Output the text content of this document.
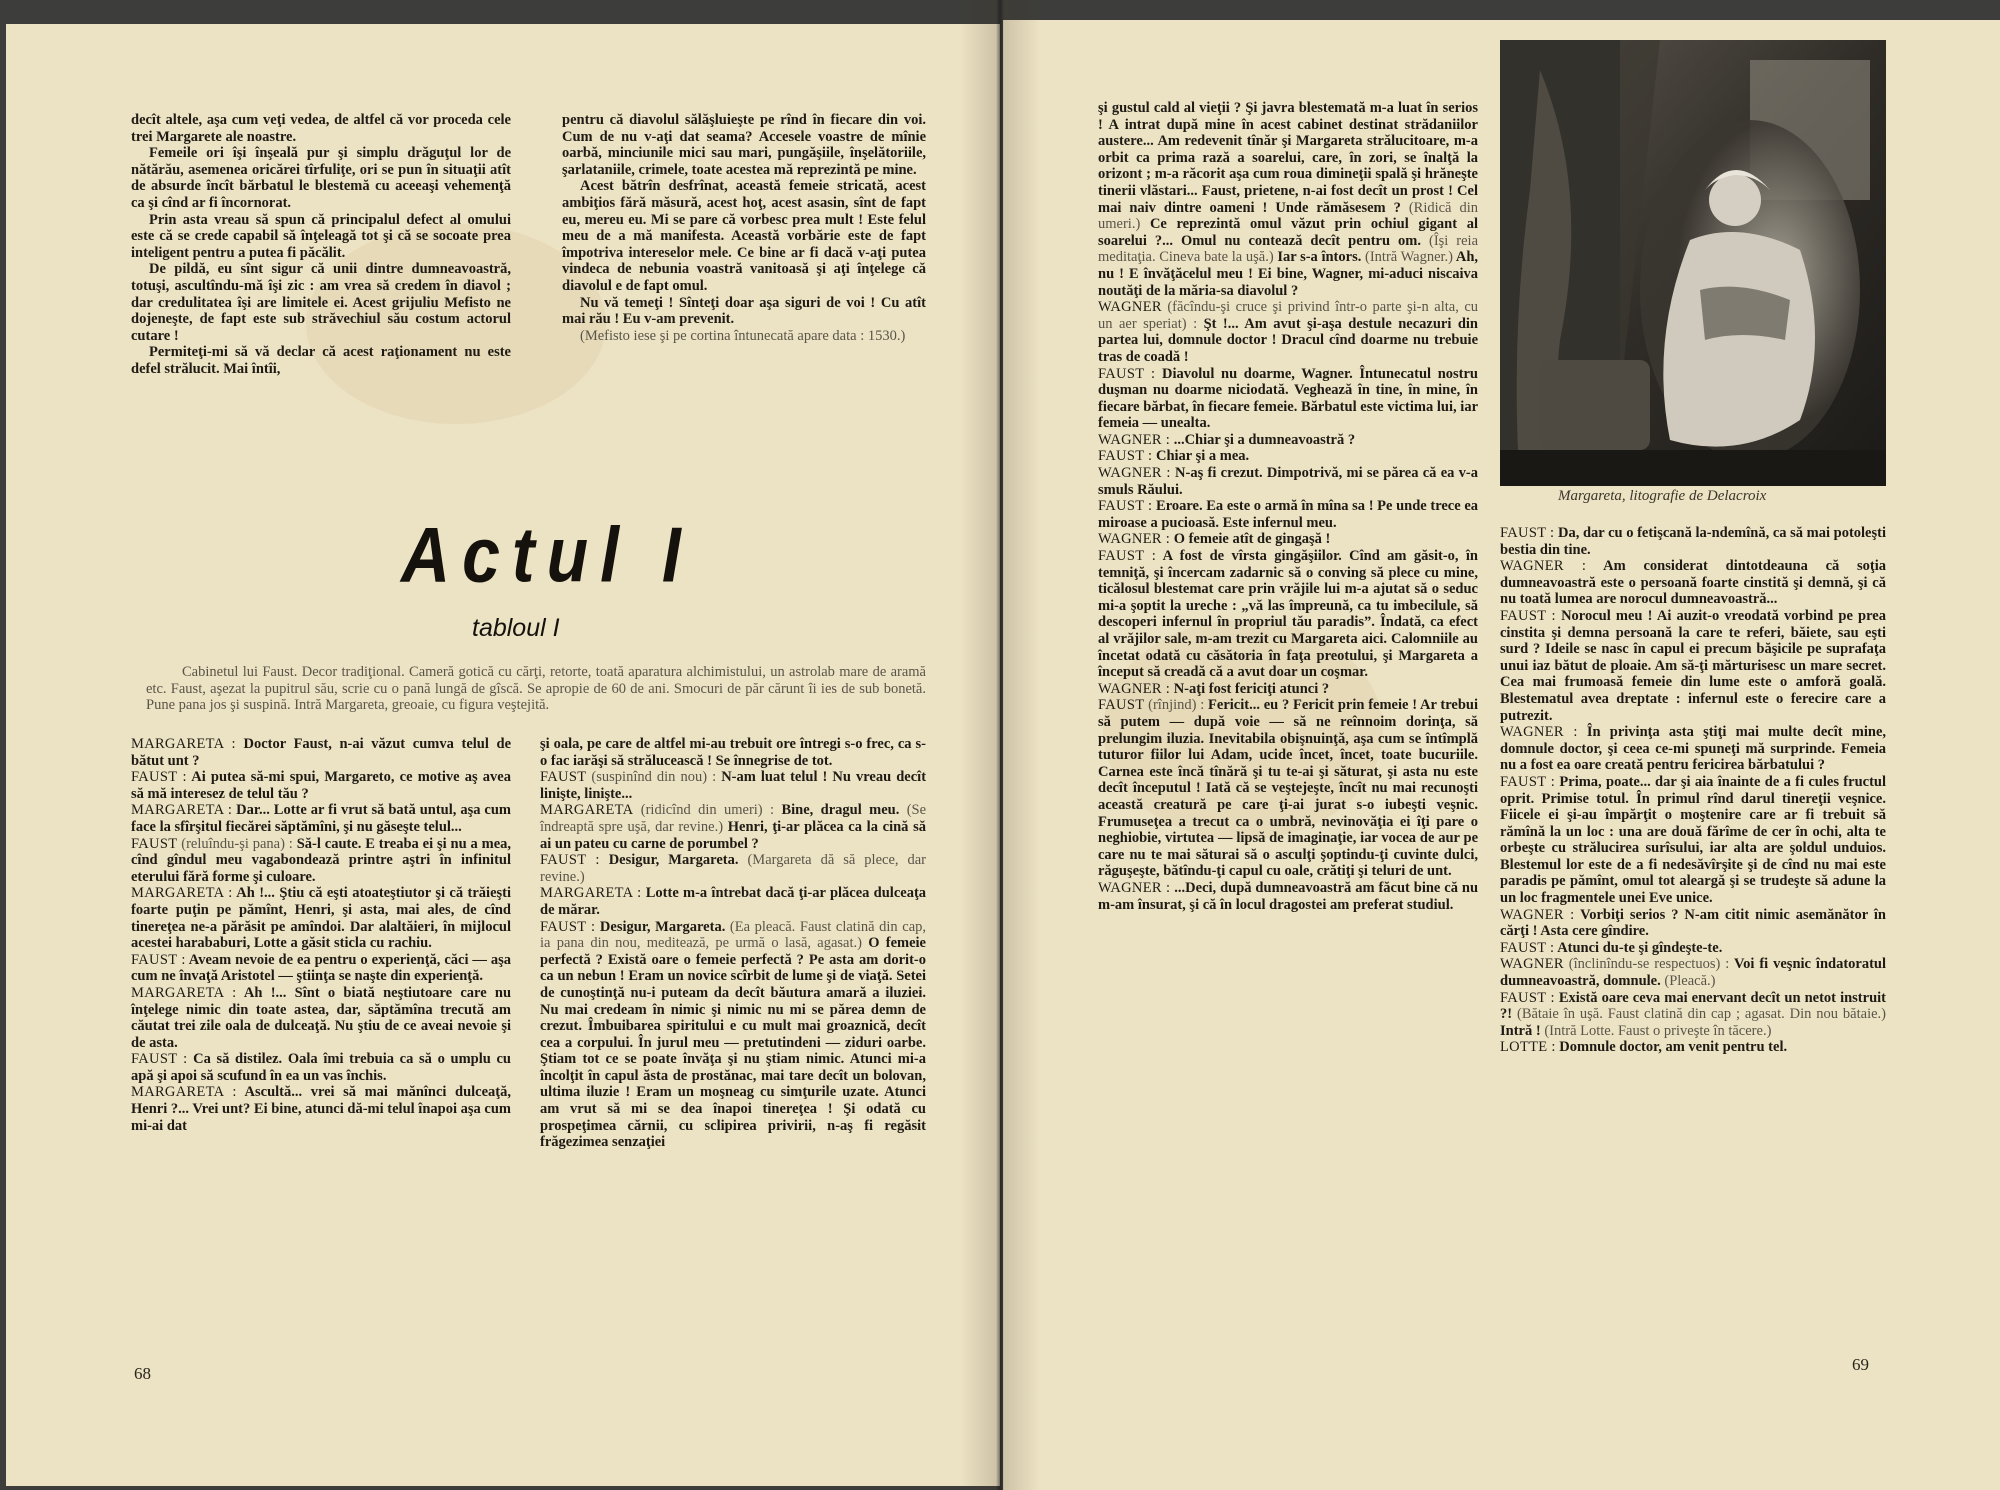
decît altele, aşa cum veţi vedea, de altfel că vor proceda cele trei Margarete ale noastre.

Femeile ori îşi înşeală pur şi simplu drăguţul lor de nătărău, asemenea oricărei tîrfuliţe, ori se pun în situaţii atît de absurde încît bărbatul le blestemă cu aceeaşi vehemenţă ca şi cînd ar fi încornorat.

Prin asta vreau să spun că principalul defect al omului este că se crede capabil să înţeleagă tot şi că se socoate prea inteligent pentru a putea fi păcălit.

De pildă, eu sînt sigur că unii dintre dumneavoastră, totuşi, ascultîndu-mă îşi zic : am vrea să credem în diavol ; dar credulitatea îşi are limitele ei. Acest grijuliu Mefisto ne dojeneşte, de fapt este sub străvechiul său costum actorul cutare !

Permiteţi-mi să vă declar că acest raţionament nu este defel strălucit. Mai întîi,

pentru că diavolul sălăşluieşte pe rînd în fiecare din voi. Cum de nu v-aţi dat seama? Accesele voastre de mînie oarbă, minciunile mici sau mari, pungăşiile, înşelătoriile, şarlataniile, crimele, toate acestea mă reprezintă pe mine.

Acest bătrîn desfrînat, această femeie stricată, acest ambiţios fără măsură, acest hoţ, acest asasin, sînt de fapt eu, mereu eu. Mi se pare că vorbesc prea mult ! Este felul meu de a mă manifesta. Această vorbărie este de fapt împotriva intereselor mele. Ce bine ar fi dacă v-aţi putea vindeca de nebunia voastră vanitoasă şi aţi înţelege că diavolul e de fapt omul.

Nu vă temeţi ! Sînteţi doar aşa siguri de voi ! Cu atît mai rău ! Eu v-am prevenit.

(Mefisto iese şi pe cortina întunecată apare data : 1530.)

Actul I
tabloul I

Cabinetul lui Faust. Decor tradiţional. Cameră gotică cu cărţi, retorte, toată aparatura alchimistului, un astrolab mare de aramă etc. Faust, aşezat la pupitrul său, scrie cu o pană lungă de gîscă. Se apropie de 60 de ani. Smocuri de păr cărunt îi ies de sub bonetă. Pune pana jos şi suspină. Intră Margareta, greoaie, cu figura veştejită.

MARGARETA : Doctor Faust, n-ai văzut cumva telul de bătut unt ?

FAUST : Ai putea să-mi spui, Margareto, ce motive aş avea să mă interesez de telul tău ?

MARGARETA : Dar... Lotte ar fi vrut să bată untul, aşa cum face la sfîrşitul fiecărei săptămîni, şi nu găseşte telul...

FAUST (reluîndu-şi pana) : Să-l caute. E treaba ei şi nu a mea, cînd gîndul meu vagabondează printre aştri în infinitul eterului fără forme şi culoare.

MARGARETA : Ah !... Ştiu că eşti atoateştiutor şi că trăieşti foarte puţin pe pămînt, Henri, şi asta, mai ales, de cînd tinereţea ne-a părăsit pe amîndoi. Dar alaltăieri, în mijlocul acestei harababuri, Lotte a găsit sticla cu rachiu.

FAUST : Aveam nevoie de ea pentru o experienţă, căci — aşa cum ne învaţă Aristotel — ştiinţa se naşte din experienţă.

MARGARETA : Ah !... Sînt o biată neştiutoare care nu înţelege nimic din toate astea, dar, săptămîna trecută am căutat trei zile oala de dulceaţă. Nu ştiu de ce aveai nevoie şi de asta.

FAUST : Ca să distilez. Oala îmi trebuia ca să o umplu cu apă şi apoi să scufund în ea un vas închis.

MARGARETA : Ascultă... vrei să mai mănînci dulceaţă, Henri ?... Vrei unt? Ei bine, atunci dă-mi telul înapoi aşa cum mi-ai dat

şi oala, pe care de altfel mi-au trebuit ore întregi s-o frec, ca s-o fac iarăşi să strălucească ! Se înnegrise de tot.

FAUST (suspinînd din nou) : N-am luat telul ! Nu vreau decît linişte, linişte...

MARGARETA (ridicînd din umeri) : Bine, dragul meu. (Se îndreaptă spre uşă, dar revine.) Henri, ţi-ar plăcea ca la cină să ai un pateu cu carne de porumbel ?

FAUST : Desigur, Margareta. (Margareta dă să plece, dar revine.)

MARGARETA : Lotte m-a întrebat dacă ţi-ar plăcea dulceaţa de mărar.

FAUST : Desigur, Margareta. (Ea pleacă. Faust clatină din cap, ia pana din nou, meditează, pe urmă o lasă, agasat.) O femeie perfectă ? Există oare o femeie perfectă ? Pe asta am dorit-o ca un nebun ! Eram un novice scîrbit de lume şi de viaţă. Setei de cunoştinţă nu-i puteam da decît băutura amară a iluziei. Nu mai credeam în nimic şi nimic nu mi se părea demn de crezut. Îmbuibarea spiritului e cu mult mai groaznică, decît cea a corpului. În jurul meu — pretutindeni — ziduri oarbe. Ştiam tot ce se poate învăţa şi nu ştiam nimic. Atunci mi-a încolţit în capul ăsta de prostănac, mai tare decît un bolovan, ultima iluzie ! Eram un moşneag cu simţurile uzate. Atunci am vrut să mi se dea înapoi tinereţea ! Şi odată cu prospeţimea cărnii, cu sclipirea privirii, n-aş fi regăsit frăgezimea senzaţiei

68

şi gustul cald al vieţii ? Şi javra blestemată m-a luat în serios ! A intrat după mine în acest cabinet destinat strădaniilor austere... Am redevenit tînăr şi Margareta strălucitoare, m-a orbit ca prima rază a soarelui, care, în zori, se înalţă la orizont ; m-a răcorit aşa cum roua dimineţii spală şi hrăneşte tinerii vlăstari... Faust, prietene, n-ai fost decît un prost ! Cel mai naiv dintre oameni ! Unde rămăsesem ? (Ridică din umeri.) Ce reprezintă omul văzut prin ochiul gigant al soarelui ?... Omul nu contează decît pentru om. (Îşi reia meditaţia. Cineva bate la uşă.) Iar s-a întors. (Intră Wagner.) Ah, nu ! E învăţăcelul meu ! Ei bine, Wagner, mi-aduci niscaiva noutăţi de la măria-sa diavolul ?

WAGNER (făcîndu-şi cruce şi privind într-o parte şi-n alta, cu un aer speriat) : Şt !... Am avut şi-aşa destule necazuri din partea lui, domnule doctor ! Dracul cînd doarme nu trebuie tras de coadă !

FAUST : Diavolul nu doarme, Wagner. Întunecatul nostru duşman nu doarme niciodată. Veghează în tine, în mine, în fiecare bărbat, în fiecare femeie. Bărbatul este victima lui, iar femeia — unealta.

WAGNER : ...Chiar şi a dumneavoastră ?

FAUST : Chiar şi a mea.

WAGNER : N-aş fi crezut. Dimpotrivă, mi se părea că ea v-a smuls Răului.

FAUST : Eroare. Ea este o armă în mîna sa ! Pe unde trece ea miroase a pucioasă. Este infernul meu.

WAGNER : O femeie atît de gingaşă !

FAUST : A fost de vîrsta gingăşiilor. Cînd am găsit-o, în temniţă, şi încercam zadarnic să o conving să plece cu mine, ticălosul blestemat care prin vrăjile lui m-a ajutat să o seduc mi-a şoptit la ureche : „vă las împreună, ca tu imbecilule, să descoperi infernul în propriul tău paradis”. Îndată, ca efect al vrăjilor sale, m-am trezit cu Margareta aici. Calomniile au încetat odată cu căsătoria în faţa preotului, şi Margareta a început să creadă că a avut doar un coşmar.

WAGNER : N-aţi fost fericiţi atunci ?

FAUST (rînjind) : Fericit... eu ? Fericit prin femeie ! Ar trebui să putem — după voie — să ne reînnoim dorinţa, să prelungim iluzia. Inevitabila obişnuinţă, aşa cum se întîmplă tuturor fiilor lui Adam, ucide încet, încet, toate bucuriile. Carnea este încă tînără şi tu te-ai şi săturat, şi asta nu este decît începutul ! Iată că se veştejeşte, încît nu mai recunoşti această creatură pe care ţi-ai jurat s-o iubeşti veşnic. Frumuseţea a trecut ca o umbră, nevinovăţia ei îţi pare o neghiobie, virtutea — lipsă de imaginaţie, iar vocea de aur pe care nu te mai săturai să o asculţi şoptindu-ţi cuvinte dulci, răguşeşte, bătîndu-ţi capul cu oale, crătiţi şi teluri de unt.

WAGNER : ...Deci, după dumneavoastră am făcut bine că nu m-am însurat, şi că în locul dragostei am preferat studiul.

Margareta, litografie de Delacroix

FAUST : Da, dar cu o fetişcană la-ndemînă, ca să mai potoleşti bestia din tine.

WAGNER : Am considerat dintotdeauna că soţia dumneavoastră este o persoană foarte cinstită şi demnă, şi că nu toată lumea are norocul dumneavoastră...

FAUST : Norocul meu ! Ai auzit-o vreodată vorbind pe prea cinstita şi demna persoană la care te referi, băiete, sau eşti surd ? Ideile se nasc în capul ei precum băşicile pe suprafaţa unui iaz bătut de ploaie. Am să-ţi mărturisesc un mare secret. Cea mai frumoasă femeie din lume este o amforă goală. Blestematul avea dreptate : infernul este o ferecire care a putrezit.

WAGNER : În privinţa asta ştiţi mai multe decît mine, domnule doctor, şi ceea ce-mi spuneţi mă surprinde. Femeia nu a fost ea oare creată pentru fericirea bărbatului ?

FAUST : Prima, poate... dar şi aia înainte de a fi cules fructul oprit. Primise totul. În primul rînd darul tinereţii veşnice. Fiicele ei şi-au împărţit o moştenire care ar fi trebuit să rămînă la un loc : una are două fărîme de cer în ochi, alta te orbeşte cu strălucirea surîsului, iar alta are şoldul unduios. Blestemul lor este de a fi nedesăvîrşite şi de cînd nu mai este paradis pe pămînt, omul tot aleargă şi se trudeşte să adune la un loc fragmentele unei Eve unice.

WAGNER : Vorbiţi serios ? N-am citit nimic asemănător în cărţi ! Asta cere gîndire.

FAUST : Atunci du-te şi gîndeşte-te.

WAGNER (înclinîndu-se respectuos) : Voi fi veşnic îndatoratul dumneavoastră, domnule. (Pleacă.)

FAUST : Există oare ceva mai enervant decît un netot instruit ?! (Bătaie în uşă. Faust clatină din cap ; agasat. Din nou bătaie.) Intră ! (Intră Lotte. Faust o priveşte în tăcere.)

LOTTE : Domnule doctor, am venit pentru tel.

69
